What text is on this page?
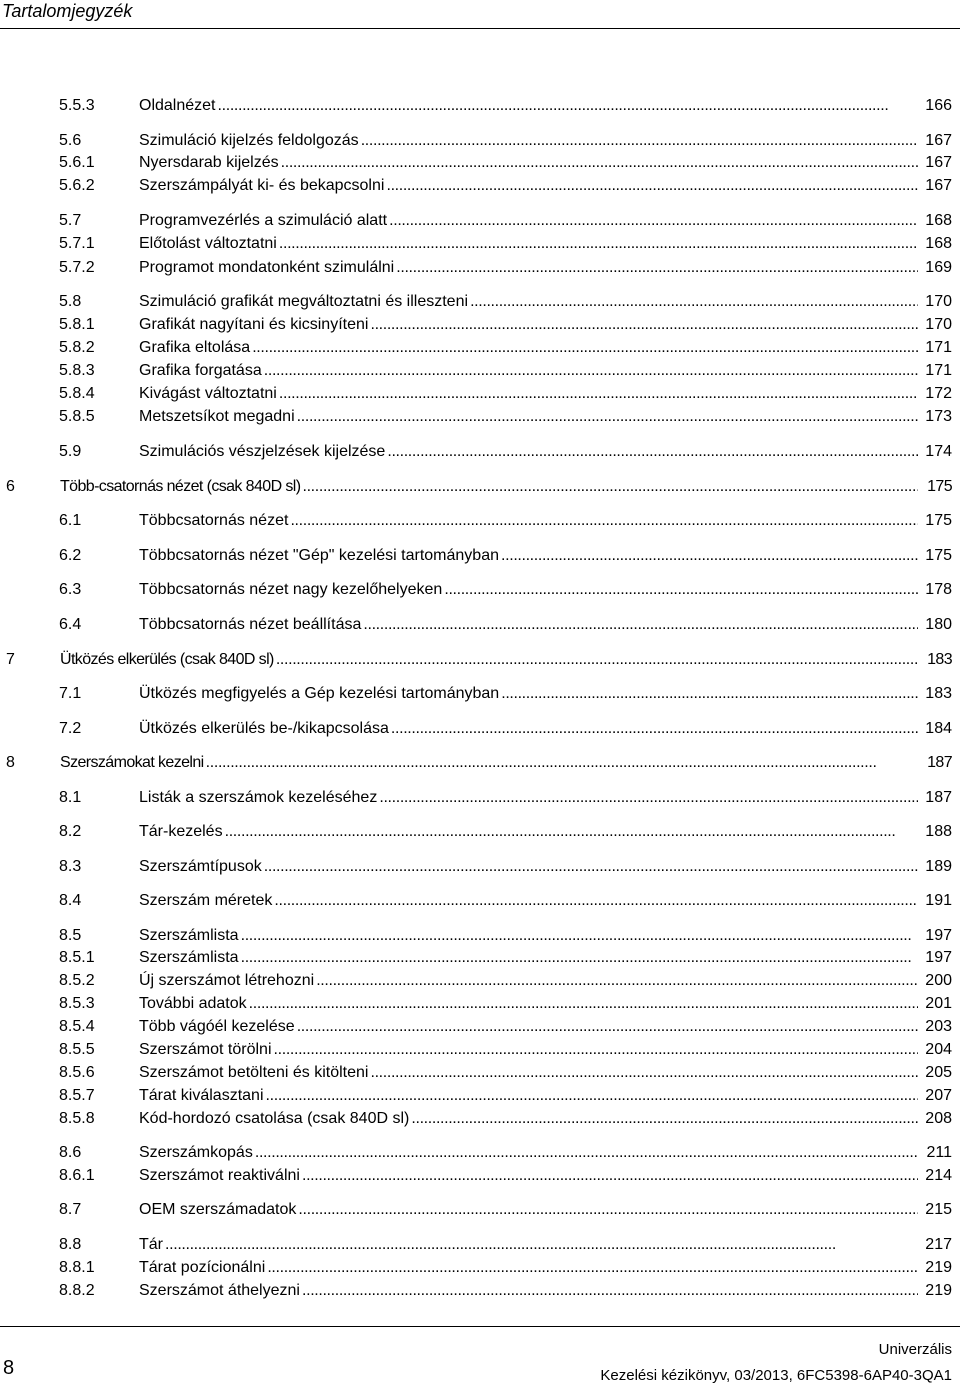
Tartalomjegyzék
5.5.3	Oldalnézet . . .	166
5.6	Szimuláció kijelzés feldolgozás . . .	167
5.6.1	Nyersdarab kijelzés . . .	167
5.6.2	Szerszámpályát ki- és bekapcsolni . . .	167
5.7	Programvezérlés a szimuláció alatt . . .	168
5.7.1	Előtolást változtatni . . .	168
5.7.2	Programot mondatonként szimulálni . . .	169
5.8	Szimuláció grafikát megváltoztatni és illeszteni . . .	170
5.8.1	Grafikát nagyítani és kicsinyíteni . . .	170
5.8.2	Grafika eltolása . . .	171
5.8.3	Grafika forgatása . . .	171
5.8.4	Kivágást változtatni . . .	172
5.8.5	Metszetsíkot megadni . . .	173
5.9	Szimulációs vészjelzések kijelzése . . .	174
6	Több-csatornás nézet (csak 840D sl) . . .	175
6.1	Többcsatornás nézet . . .	175
6.2	Többcsatornás nézet "Gép" kezelési tartományban . . .	175
6.3	Többcsatornás nézet nagy kezelőhelyeken . . .	178
6.4	Többcsatornás nézet beállítása . . .	180
7	Ütközés elkerülés (csak 840D sl) . . .	183
7.1	Ütközés megfigyelés a Gép kezelési tartományban . . .	183
7.2	Ütközés elkerülés be-/kikapcsolása . . .	184
8	Szerszámokat kezelni . . .	187
8.1	Listák a szerszámok kezeléséhez . . .	187
8.2	Tár-kezelés . . .	188
8.3	Szerszámtípusok . . .	189
8.4	Szerszám méretek . . .	191
8.5	Szerszámlista . . .	197
8.5.1	Szerszámlista . . .	197
8.5.2	Új szerszámot létrehozni . . .	200
8.5.3	További adatok . . .	201
8.5.4	Több vágóél kezelése . . .	203
8.5.5	Szerszámot törölni . . .	204
8.5.6	Szerszámot betölteni és kitölteni . . .	205
8.5.7	Tárat kiválasztani . . .	207
8.5.8	Kód-hordozó csatolása (csak 840D sl) . . .	208
8.6	Szerszámkopás . . .	211
8.6.1	Szerszámot reaktiválni . . .	214
8.7	OEM szerszámadatok . . .	215
8.8	Tár . . .	217
8.8.1	Tárat pozícionálni . . .	219
8.8.2	Szerszámot áthelyezni . . .	219
8
Univerzális
Kezelési kézikönyv, 03/2013, 6FC5398-6AP40-3QA1
